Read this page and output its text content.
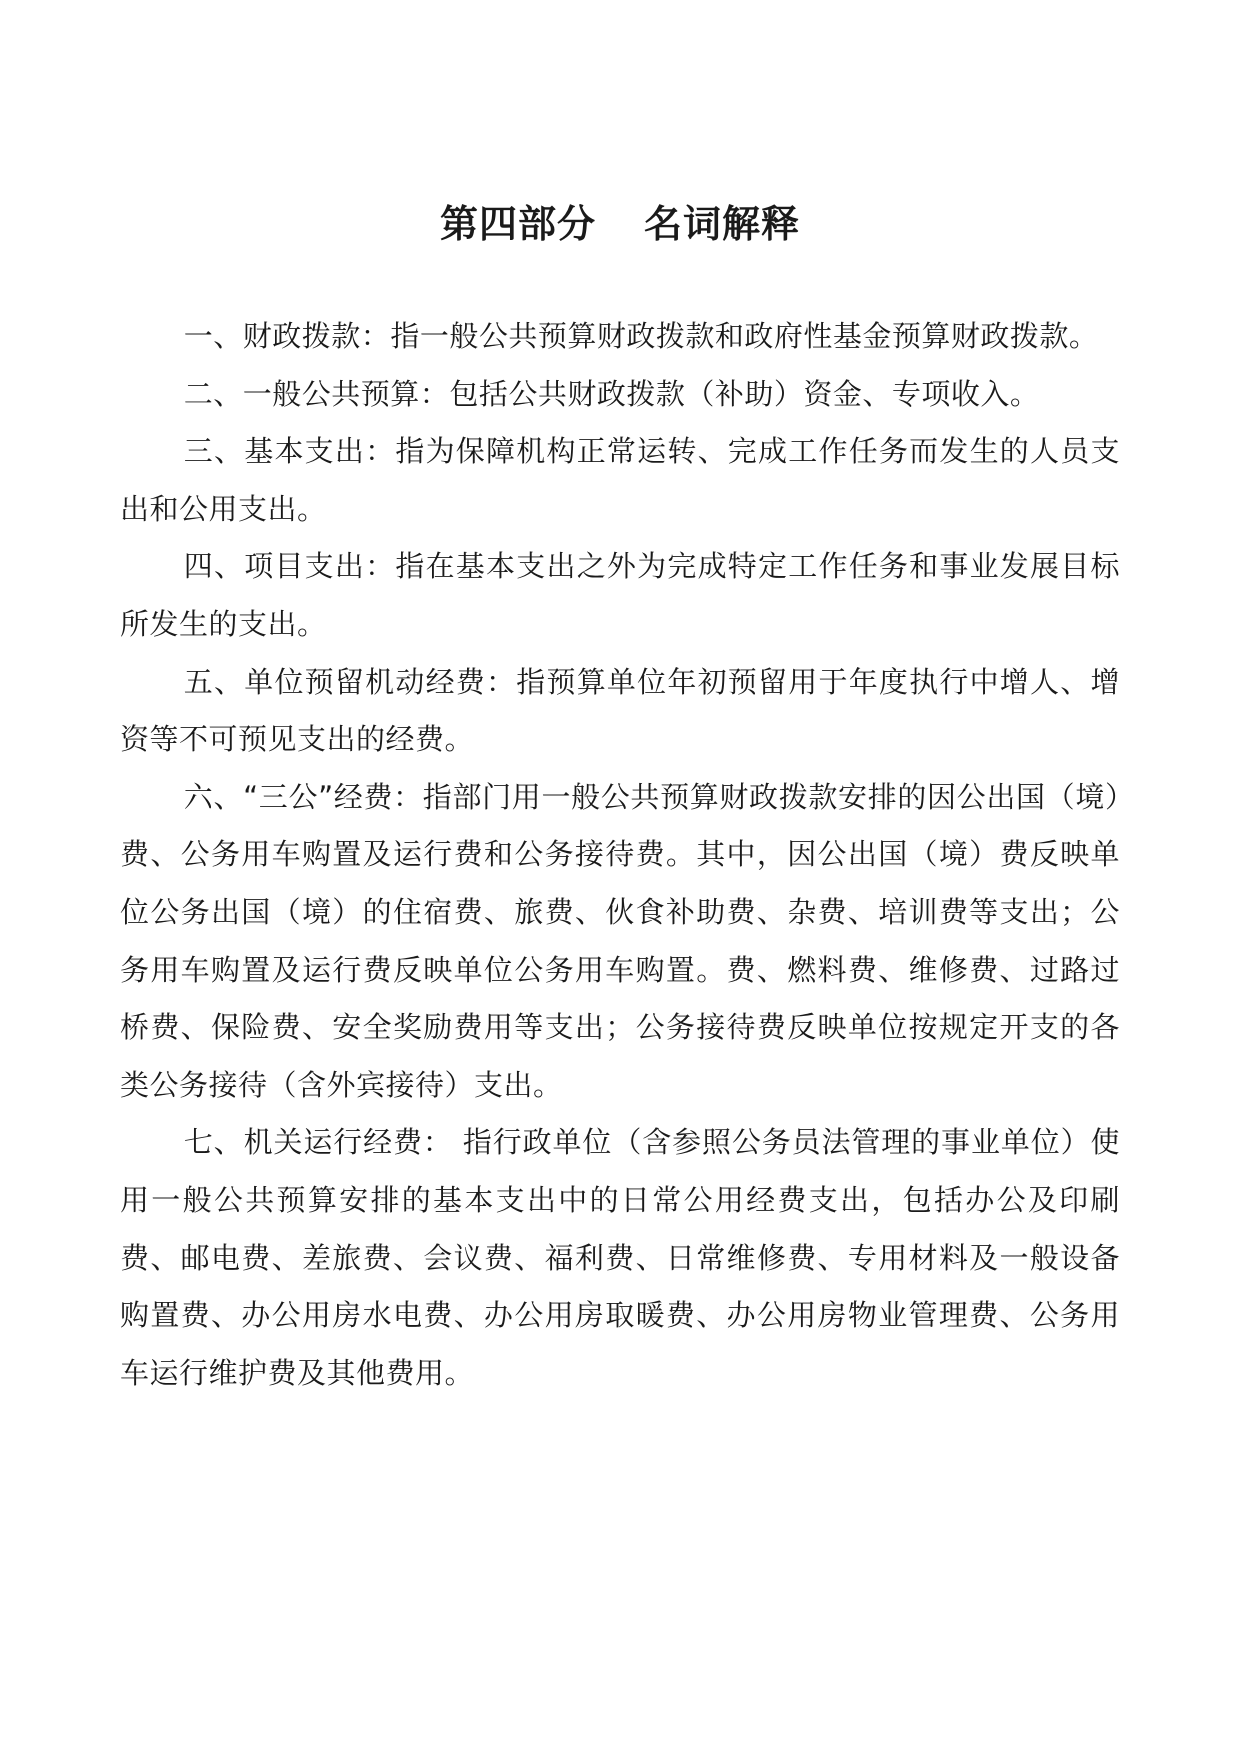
第四部分 名词解释

一、财政拨款：指一般公共预算财政拨款和政府性基金预算财政拨款。

二、一般公共预算：包括公共财政拨款（补助）资金、专项收入。

三、基本支出：指为保障机构正常运转、完成工作任务而发生的人员支出和公用支出。

四、项目支出：指在基本支出之外为完成特定工作任务和事业发展目标所发生的支出。

五、单位预留机动经费：指预算单位年初预留用于年度执行中增人、增资等不可预见支出的经费。

六、“三公”经费：指部门用一般公共预算财政拨款安排的因公出国（境）费、公务用车购置及运行费和公务接待费。其中，因公出国（境）费反映单位公务出国（境）的住宿费、旅费、伙食补助费、杂费、培训费等支出；公务用车购置及运行费反映单位公务用车购置。费、燃料费、维修费、过路过桥费、保险费、安全奖励费用等支出；公务接待费反映单位按规定开支的各类公务接待（含外宾接待）支出。

七、机关运行经费： 指行政单位（含参照公务员法管理的事业单位）使用一般公共预算安排的基本支出中的日常公用经费支出，包括办公及印刷费、邮电费、差旅费、会议费、福利费、日常维修费、专用材料及一般设备购置费、办公用房水电费、办公用房取暖费、办公用房物业管理费、公务用车运行维护费及其他费用。
